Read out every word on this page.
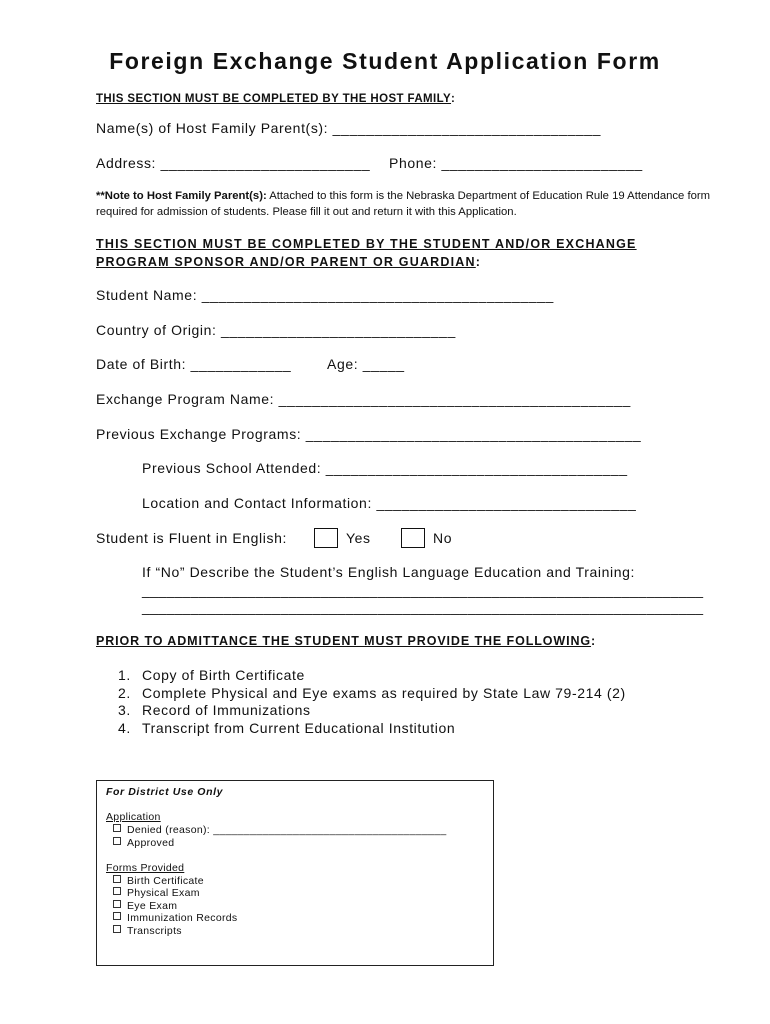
Foreign Exchange Student Application Form
THIS SECTION MUST BE COMPLETED BY THE HOST FAMILY:
Name(s) of Host Family Parent(s): ________________________________
Address: _________________________ Phone: ________________________
**Note to Host Family Parent(s): Attached to this form is the Nebraska Department of Education Rule 19 Attendance form required for admission of students. Please fill it out and return it with this Application.
THIS SECTION MUST BE COMPLETED BY THE STUDENT AND/OR EXCHANGE
PROGRAM SPONSOR AND/OR PARENT OR GUARDIAN:
Student Name: __________________________________________
Country of Origin: ____________________________
Date of Birth: ____________	Age: _____
Exchange Program Name: __________________________________________
Previous Exchange Programs: ________________________________________
Previous School Attended: ____________________________________
Location and Contact Information: _______________________________
Student is Fluent in English:	Yes	No
If “No” Describe the Student’s English Language Education and Training:
_____________________________________________________________________
_____________________________________________________________________
PRIOR TO ADMITTANCE THE STUDENT MUST PROVIDE THE FOLLOWING:
1. Copy of Birth Certificate
2. Complete Physical and Eye exams as required by State Law 79-214 (2)
3. Record of Immunizations
4. Transcript from Current Educational Institution
For District Use Only
Application
Denied (reason): ______________________________________
Approved
Forms Provided
Birth Certificate
Physical Exam
Eye Exam
Immunization Records
Transcripts
